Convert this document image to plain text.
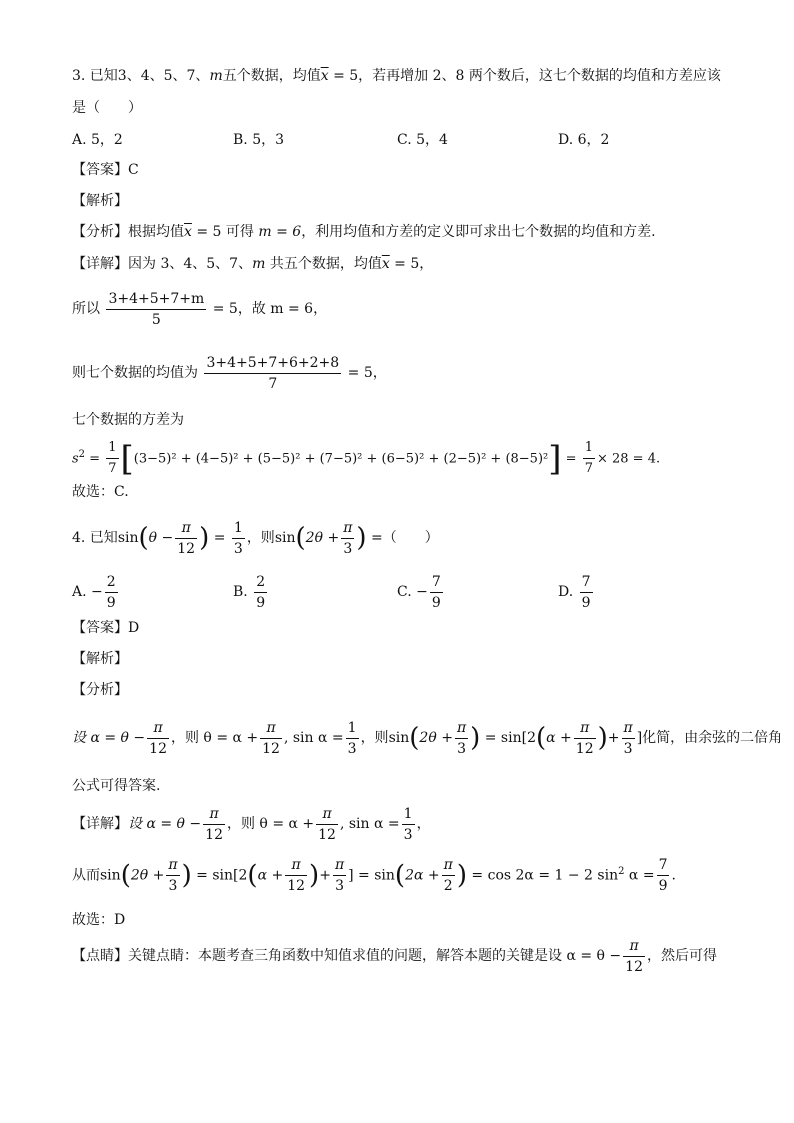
3. 已知3、4、5、7、m五个数据，均值$\overline{x} = 5$，若再增加 2、8 两个数后，这七个数据的均值和方差应该
是（　　）
A. 5，2	B. 5，3	C. 5，4	D. 6，2
【答案】C
【解析】
【分析】根据均值$\overline{x} = 5$ 可得 m = 6，利用均值和方差的定义即可求出七个数据的均值和方差.
【详解】因为 3、4、5、7、m 共五个数据，均值$\overline{x} = 5$，
所以 $\frac{3+4+5+7+m}{5} = 5$，故 m = 6，
则七个数据的均值为 $\frac{3+4+5+7+6+2+8}{7} = 5$，
七个数据的方差为
$s^2 = \frac{1}{7} [(3-5)^2 + (4-5)^2 + (5-5)^2 + (7-5)^2 + (6-5)^2 + (2-5)^2 + (8-5)^2] = \frac{1}{7} \times 28 = 4$.
故选：C.
4. 已知$\sin(\theta - \frac{\pi}{12}$ ) = $\frac{1}{3}$ ，则$\sin(2\theta + \frac{\pi}{3}$ ) =（　　）
A. − $\frac{2}{9}$	B. $\frac{2}{9}$	C. − $\frac{7}{9}$	D. $\frac{7}{9}$
【答案】D
【解析】
【分析】
设 $\alpha = \theta - \frac{\pi}{12}$ ，则 $\theta = \alpha + \frac{\pi}{12}$ , $\sin \alpha = \frac{1}{3}$ ，则$\sin(2\theta + \frac{\pi}{3}$ ) = $\sin[2(\alpha + \frac{\pi}{12}$ )+ $\frac{\pi}{3}$ ]化简，由余弦的二倍角
公式可得答案.
【详解】设 $\alpha = \theta - \frac{\pi}{12}$ ，则 $\theta = \alpha + \frac{\pi}{12}$ , $\sin \alpha = \frac{1}{3}$ ，
从而$\sin(2\theta + \frac{\pi}{3}$ ) = $\sin[2(\alpha + \frac{\pi}{12}$ )+ $\frac{\pi}{3}$ ] = $\sin(2\alpha + \frac{\pi}{2}$ ) = cos 2α = 1 − 2 $\sin^2 \alpha = \frac{7}{9}$ .
故选：D
【点睛】关键点睛：本题考查三角函数中知值求值的问题，解答本题的关键是设 $\alpha = \theta - \frac{\pi}{12}$ ，然后可得
